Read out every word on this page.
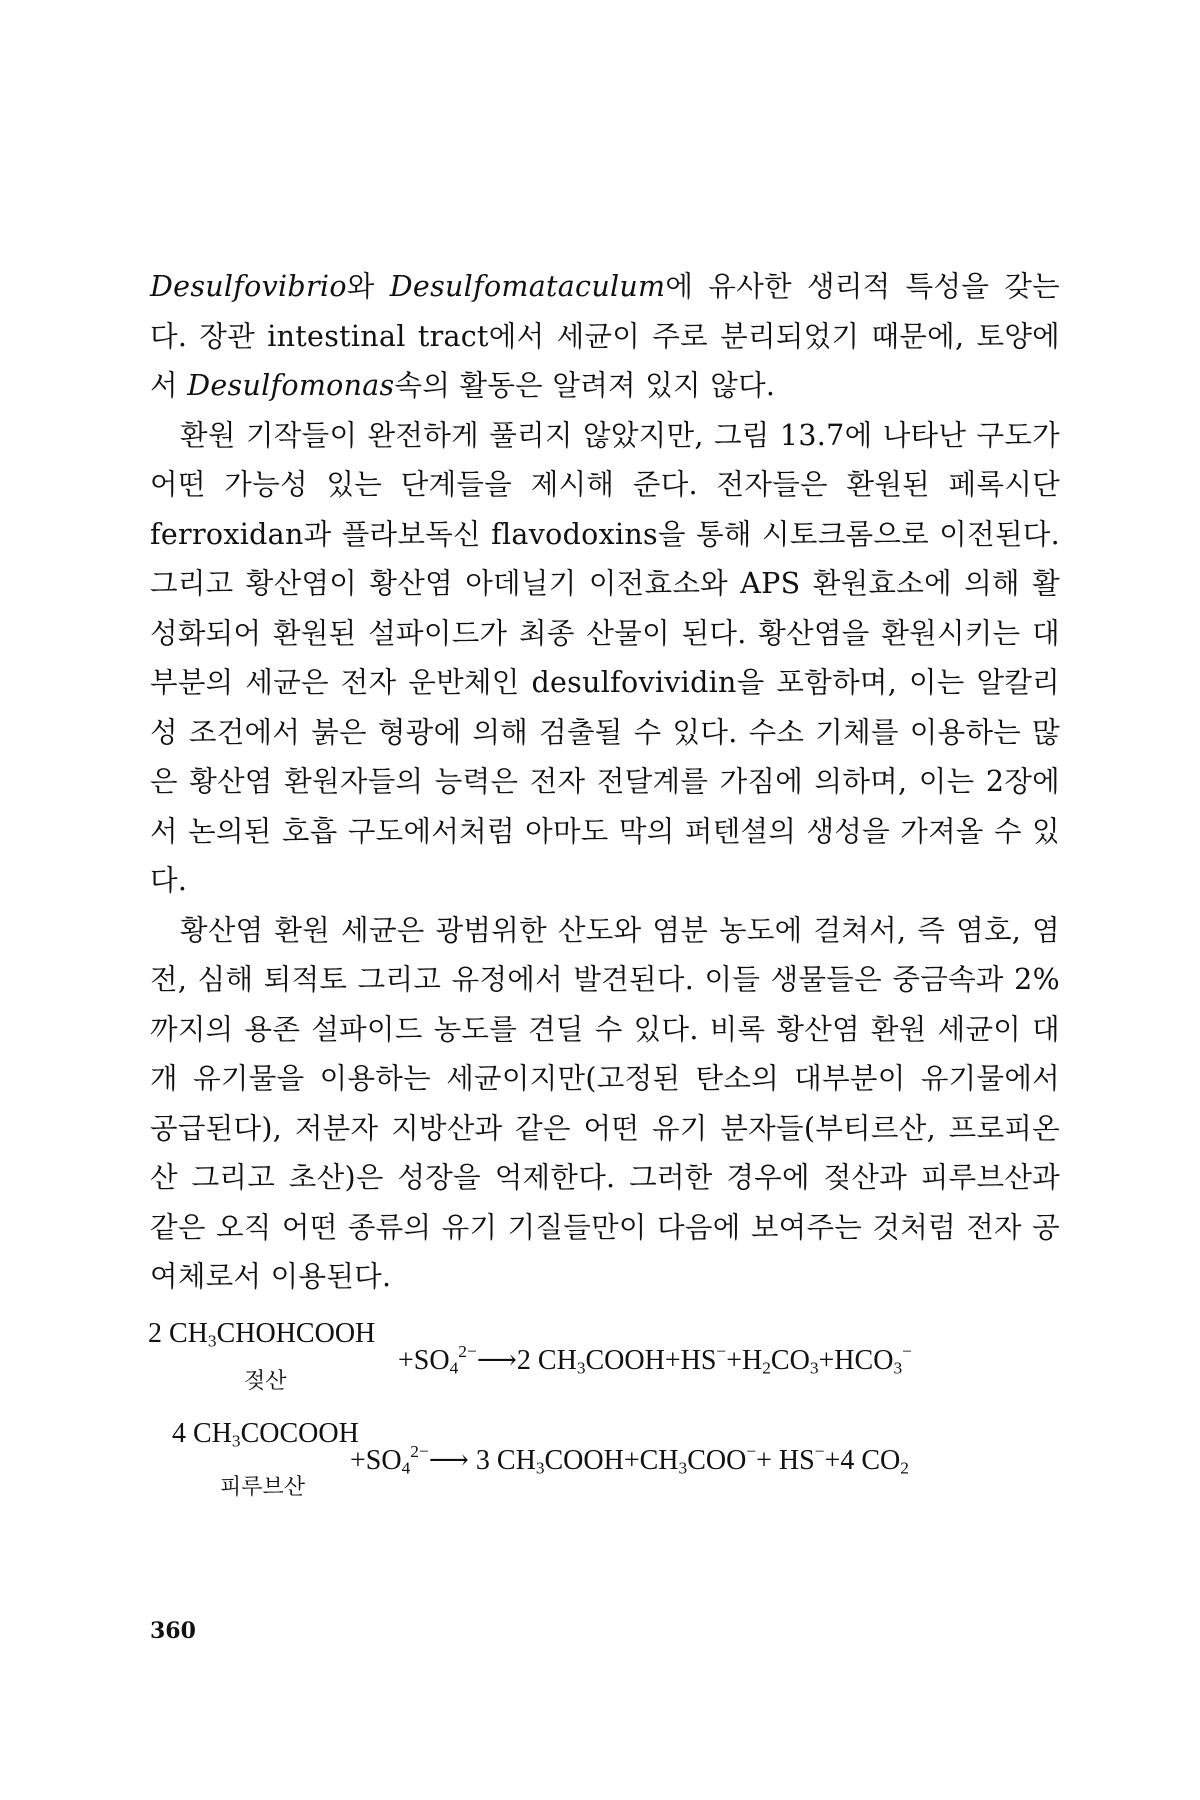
Desulfovibrio와 Desulfomataculum에 유사한 생리적 특성을 갖는다. 장관 intestinal tract에서 세균이 주로 분리되었기 때문에, 토양에서 Desulfomonas속의 활동은 알려져 있지 않다.

환원 기작들이 완전하게 풀리지 않았지만, 그림 13.7에 나타난 구도가 어떤 가능성 있는 단계들을 제시해 준다. 전자들은 환원된 페록시단 ferroxidan과 플라보독신 flavodoxins을 통해 시토크롬으로 이전된다. 그리고 황산염이 황산염 아데닐기 이전효소와 APS 환원효소에 의해 활성화되어 환원된 설파이드가 최종 산물이 된다. 황산염을 환원시키는 대부분의 세균은 전자 운반체인 desulfovividin을 포함하며, 이는 알칼리성 조건에서 붉은 형광에 의해 검출될 수 있다. 수소 기체를 이용하는 많은 황산염 환원자들의 능력은 전자 전달계를 가짐에 의하며, 이는 2장에서 논의된 호흡 구도에서처럼 아마도 막의 퍼텐셜의 생성을 가져올 수 있다.

황산염 환원 세균은 광범위한 산도와 염분 농도에 걸쳐서, 즉 염호, 염전, 심해 퇴적토 그리고 유정에서 발견된다. 이들 생물들은 중금속과 2%까지의 용존 설파이드 농도를 견딜 수 있다. 비록 황산염 환원 세균이 대개 유기물을 이용하는 세균이지만(고정된 탄소의 대부분이 유기물에서 공급된다), 저분자 지방산과 같은 어떤 유기 분자들(부티르산, 프로피온산 그리고 초산)은 성장을 억제한다. 그러한 경우에 젖산과 피루브산과 같은 오직 어떤 종류의 유기 기질들만이 다음에 보여주는 것처럼 전자 공여체로서 이용된다.

2 $CH_3CHOHCOOH$
젖산
$+SO_4^{2-}⟶2$ $CH_3COOH+HS^-+H_2CO_3+HCO_3^-$
4 $CH_3COCOOH$
피루브산
$+SO_4^{2-}⟶$ 3 $CH_3COOH+CH_3COO^-+ HS^-+4$ $CO_2$
360
